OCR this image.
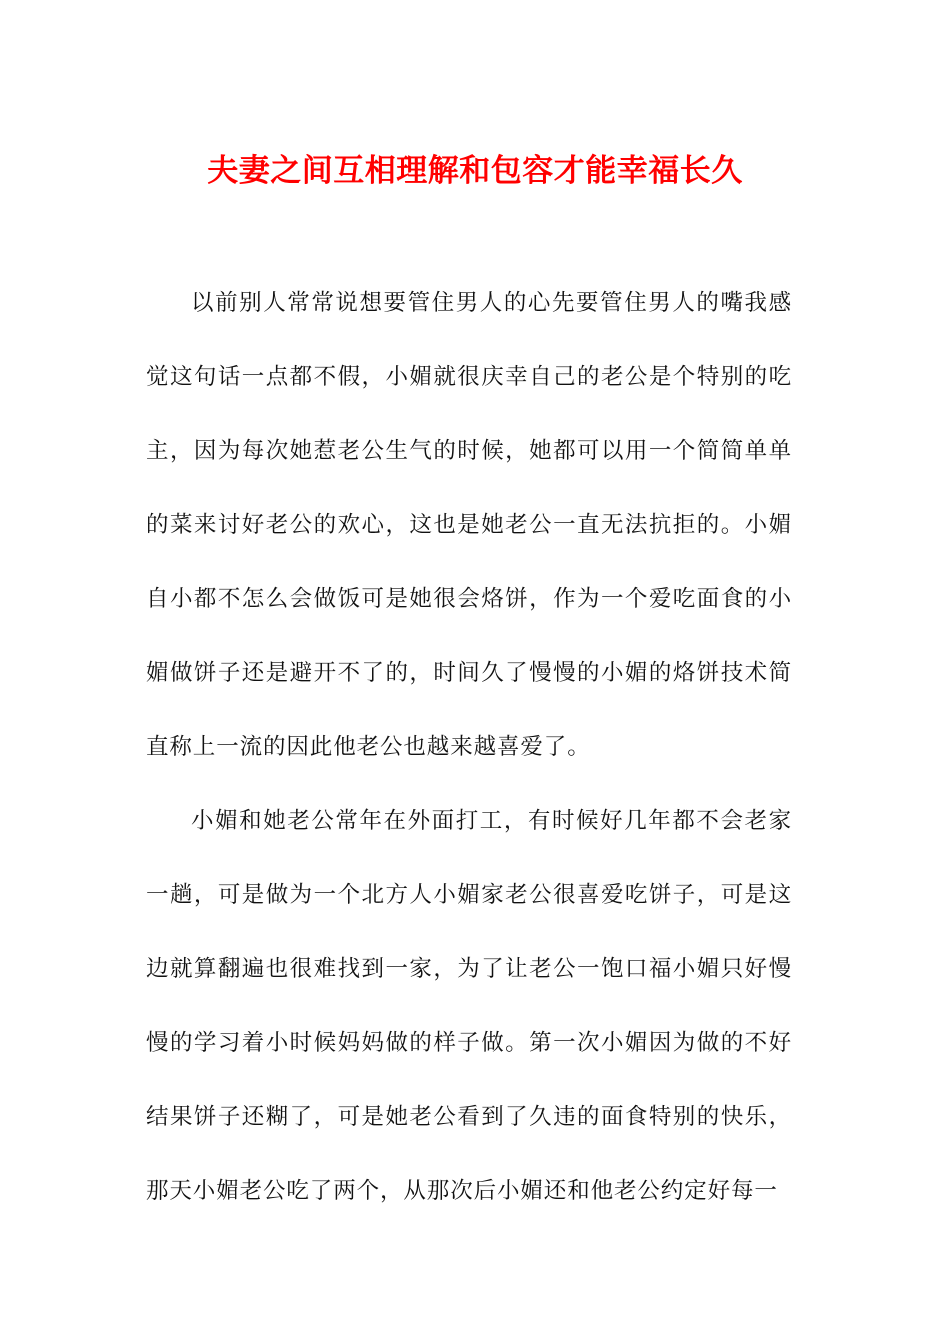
夫妻之间互相理解和包容才能幸福长久

以前别人常常说想要管住男人的心先要管住男人的嘴我感觉这句话一点都不假，小媚就很庆幸自己的老公是个特别的吃主，因为每次她惹老公生气的时候，她都可以用一个简简单单的菜来讨好老公的欢心，这也是她老公一直无法抗拒的。小媚自小都不怎么会做饭可是她很会烙饼，作为一个爱吃面食的小媚做饼子还是避开不了的，时间久了慢慢的小媚的烙饼技术简直称上一流的因此他老公也越来越喜爱了。

小媚和她老公常年在外面打工，有时候好几年都不会老家一趟，可是做为一个北方人小媚家老公很喜爱吃饼子，可是这边就算翻遍也很难找到一家，为了让老公一饱口福小媚只好慢慢的学习着小时候妈妈做的样子做。第一次小媚因为做的不好结果饼子还糊了，可是她老公看到了久违的面食特别的快乐，那天小媚老公吃了两个，从那次后小媚还和他老公约定好每一
